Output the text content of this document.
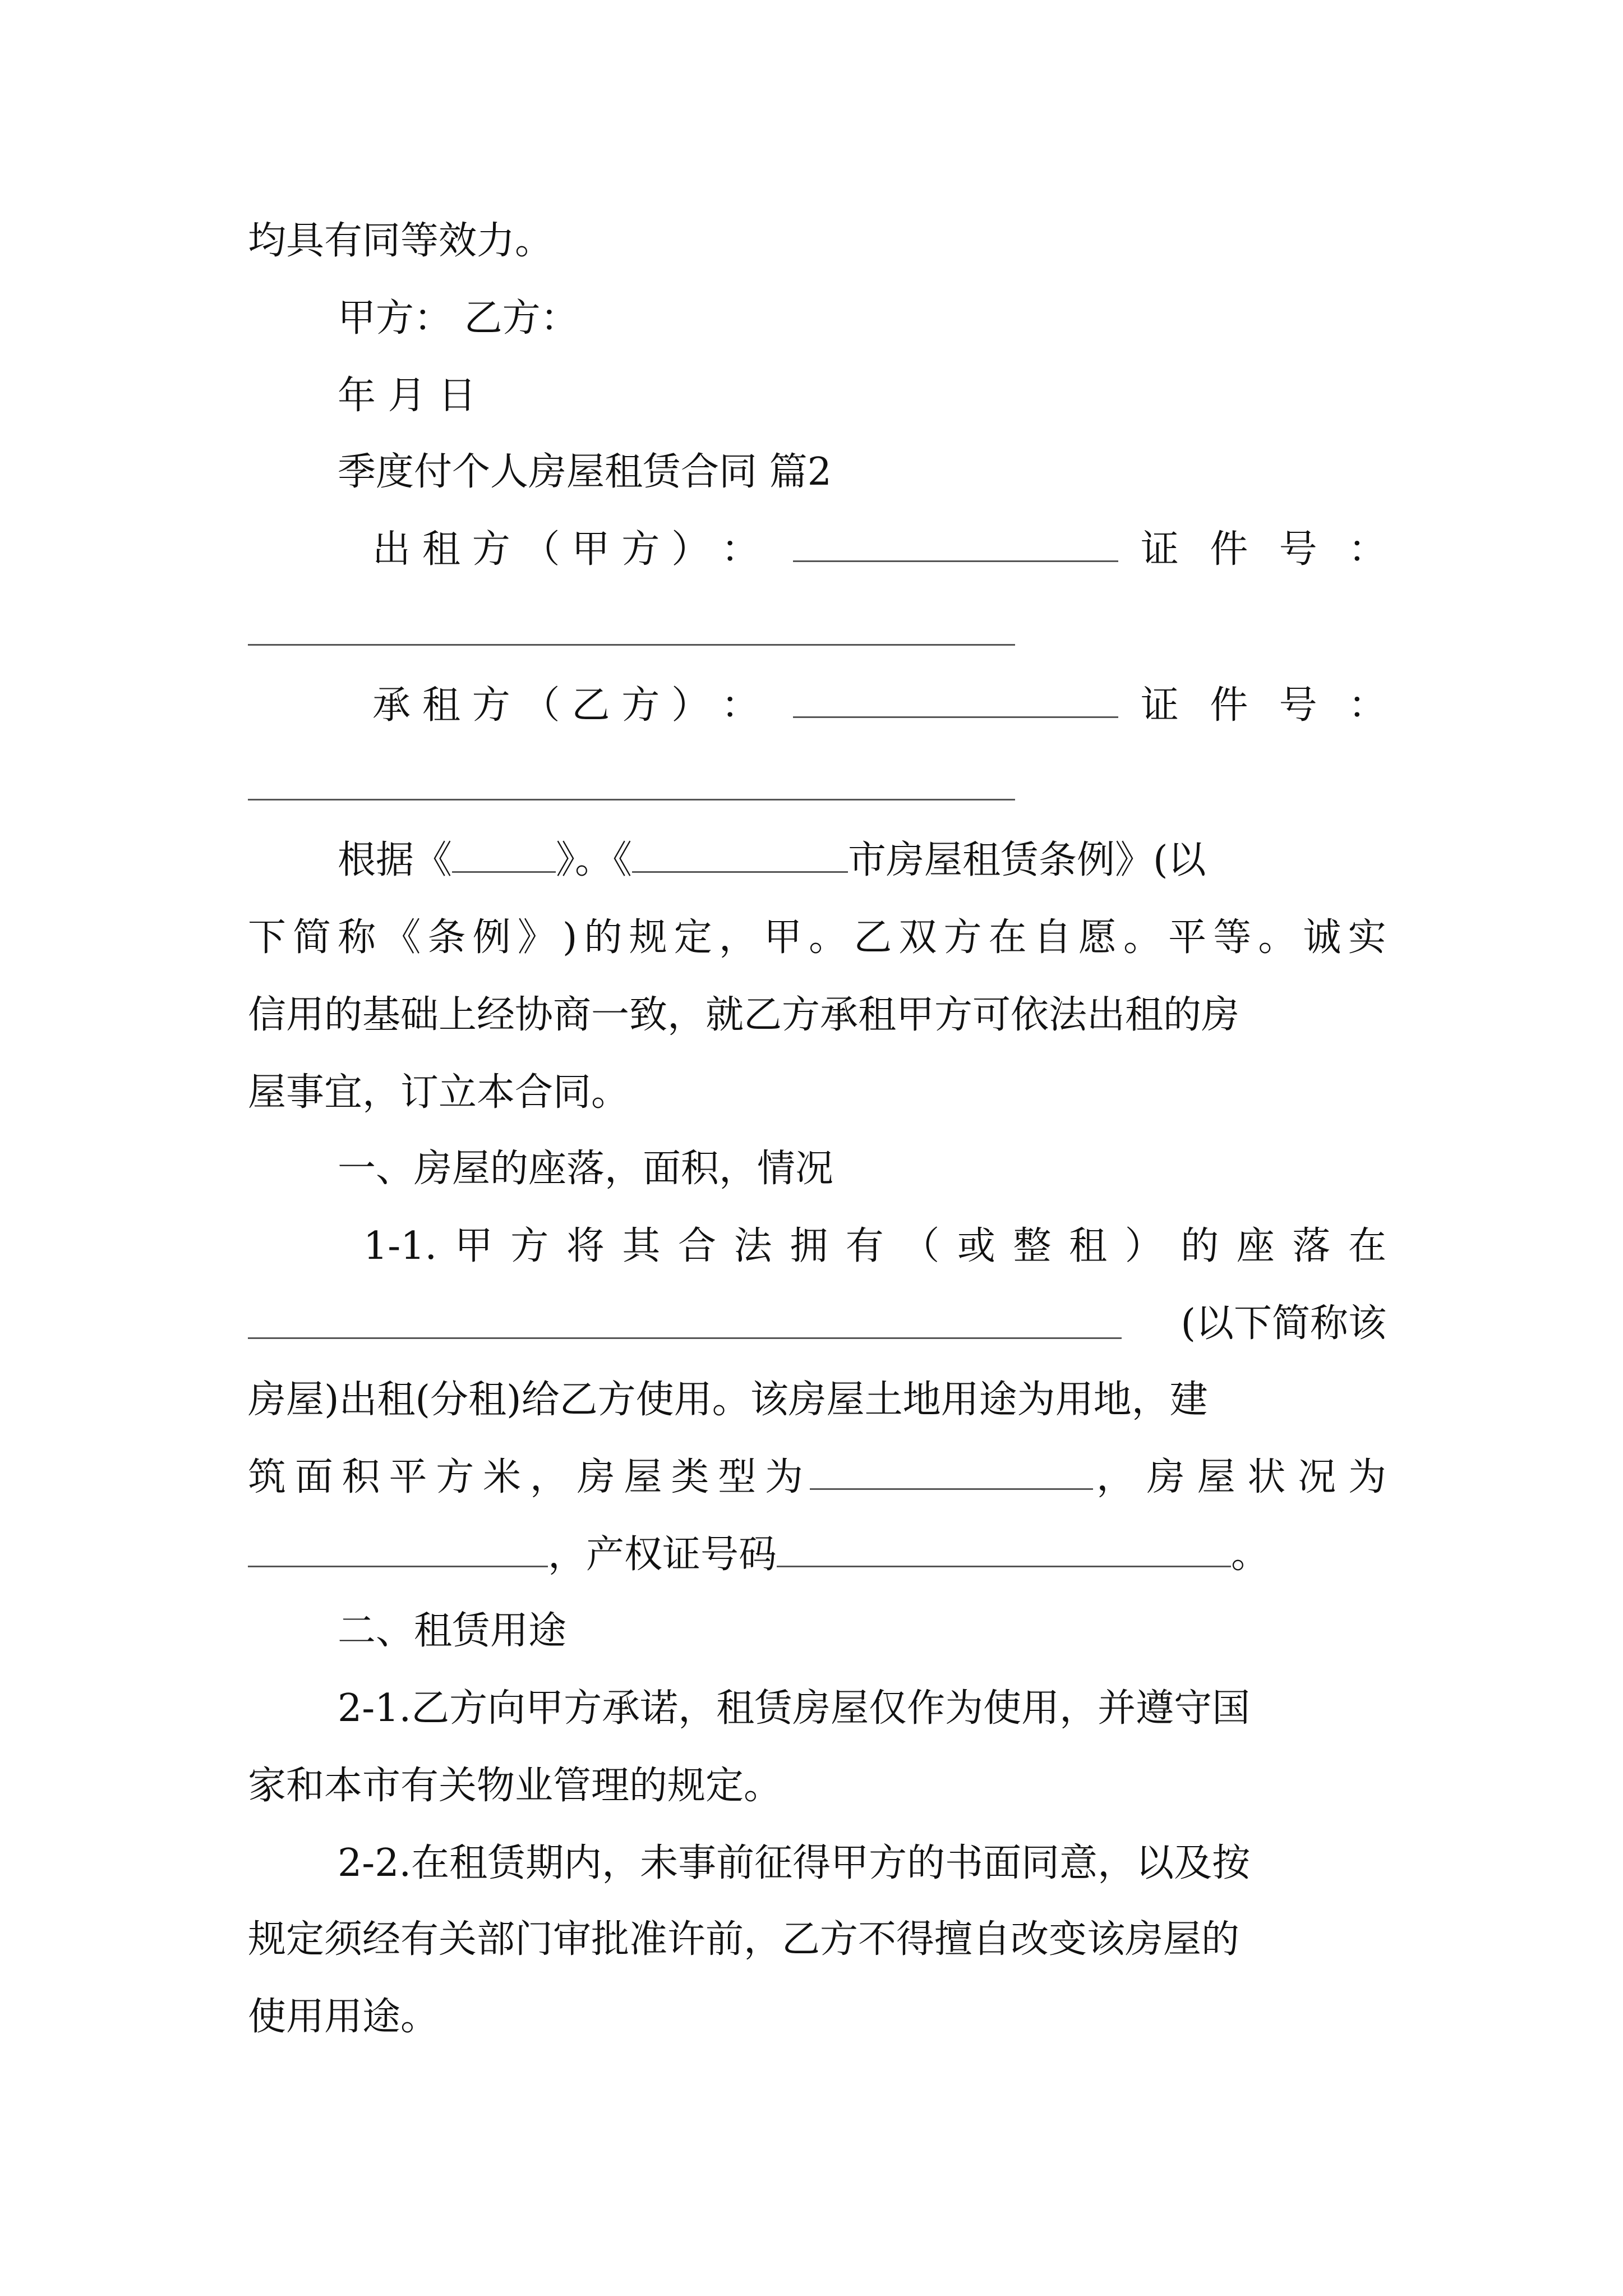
均具有同等效力。
甲方： 乙方：
年 月 日
季度付个人房屋租赁合同 篇2
出 租 方 （ 甲 方 ） ：	证 件 号 ：
承 租 方 （ 乙 方 ） ：	证 件 号 ：
根据《	》。《	市房屋租赁条例》(以
下 简 称 《 条 例 》 ) 的 规 定 ， 甲 。 乙 双 方 在 自 愿 。 平 等 。 诚 实
信用的基础上经协商一致，就乙方承租甲方可依法出租的房
屋事宜，订立本合同。
一、房屋的座落，面积，情况
1-1. 甲 方 将 其 合 法 拥 有 （ 或 整 租 ） 的 座 落 在
(以下简称该
房屋)出租(分租)给乙方使用。该房屋土地用途为用地，建
筑 面 积 平 方 米 ， 房 屋 类 型 为	， 房 屋 状 况 为
，产权证号码	。
二、租赁用途
2-1.乙方向甲方承诺，租赁房屋仅作为使用，并遵守国
家和本市有关物业管理的规定。
2-2.在租赁期内，未事前征得甲方的书面同意，以及按
规定须经有关部门审批准许前，乙方不得擅自改变该房屋的
使用用途。
